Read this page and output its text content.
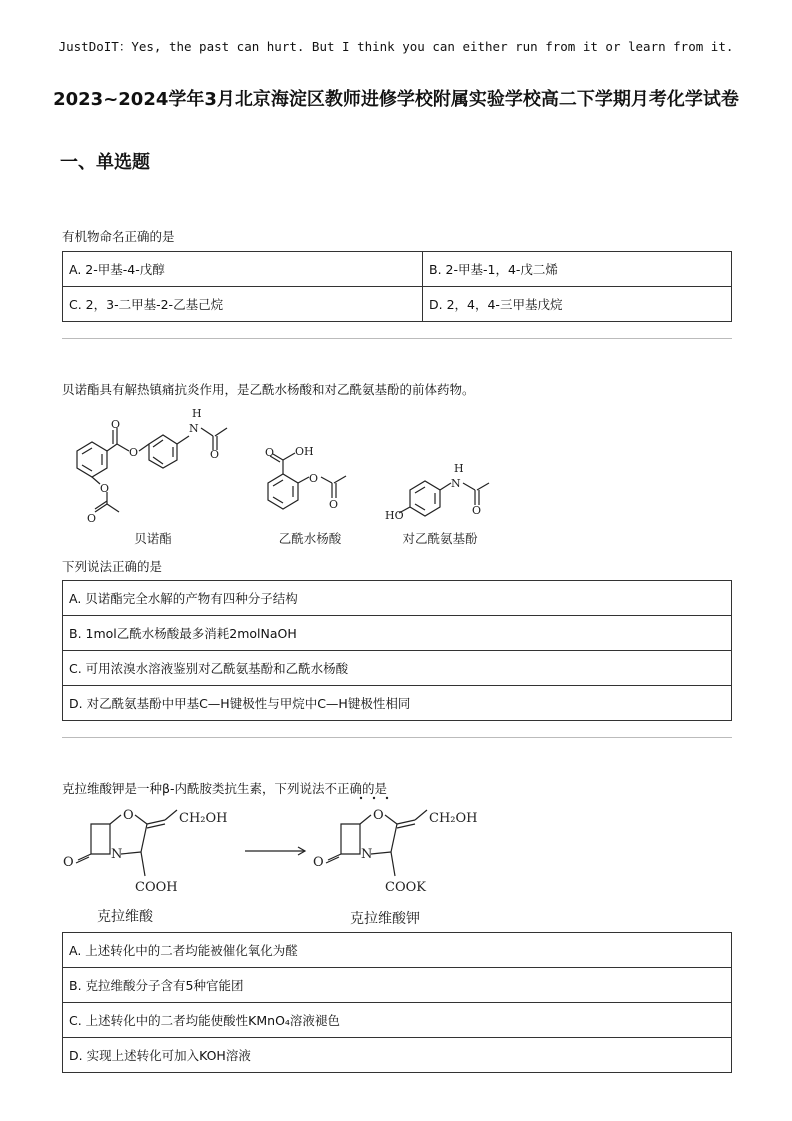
JustDoIT：Yes, the past can hurt. But I think you can either run from it or learn from it.
2023~2024学年3月北京海淀区教师进修学校附属实验学校高二下学期月考化学试卷
一、单选题
有机物命名正确的是
A. 2-甲基-4-戊醇	B. 2-甲基-1，4-戊二烯
C. 2，3-二甲基-2-乙基己烷	D. 2，4，4-三甲基戊烷
贝诺酯具有解热镇痛抗炎作用，是乙酰水杨酸和对乙酰氨基酚的前体药物。
O
O
N
H
O
O
O
O OH
O
O
HO
N
H
O
贝诺酯	乙酰水杨酸	对乙酰氨基酚
下列说法正确的是
A. 贝诺酯完全水解的产物有四种分子结构
B. 1mol乙酰水杨酸最多消耗2molNaOH
C. 可用浓溴水溶液鉴别对乙酰氨基酚和乙酰水杨酸
D. 对乙酰氨基酚中甲基C—H键极性与甲烷中C—H键极性相同
克拉维酸钾是一种β-内酰胺类抗生素，下列说法不正确的是
O
N
O
CH₂OH
COOH
O
N
O
CH₂OH
COOK
克拉维酸	克拉维酸钾
A. 上述转化中的二者均能被催化氧化为醛
B. 克拉维酸分子含有5种官能团
C. 上述转化中的二者均能使酸性KMnO₄溶液褪色
D. 实现上述转化可加入KOH溶液
